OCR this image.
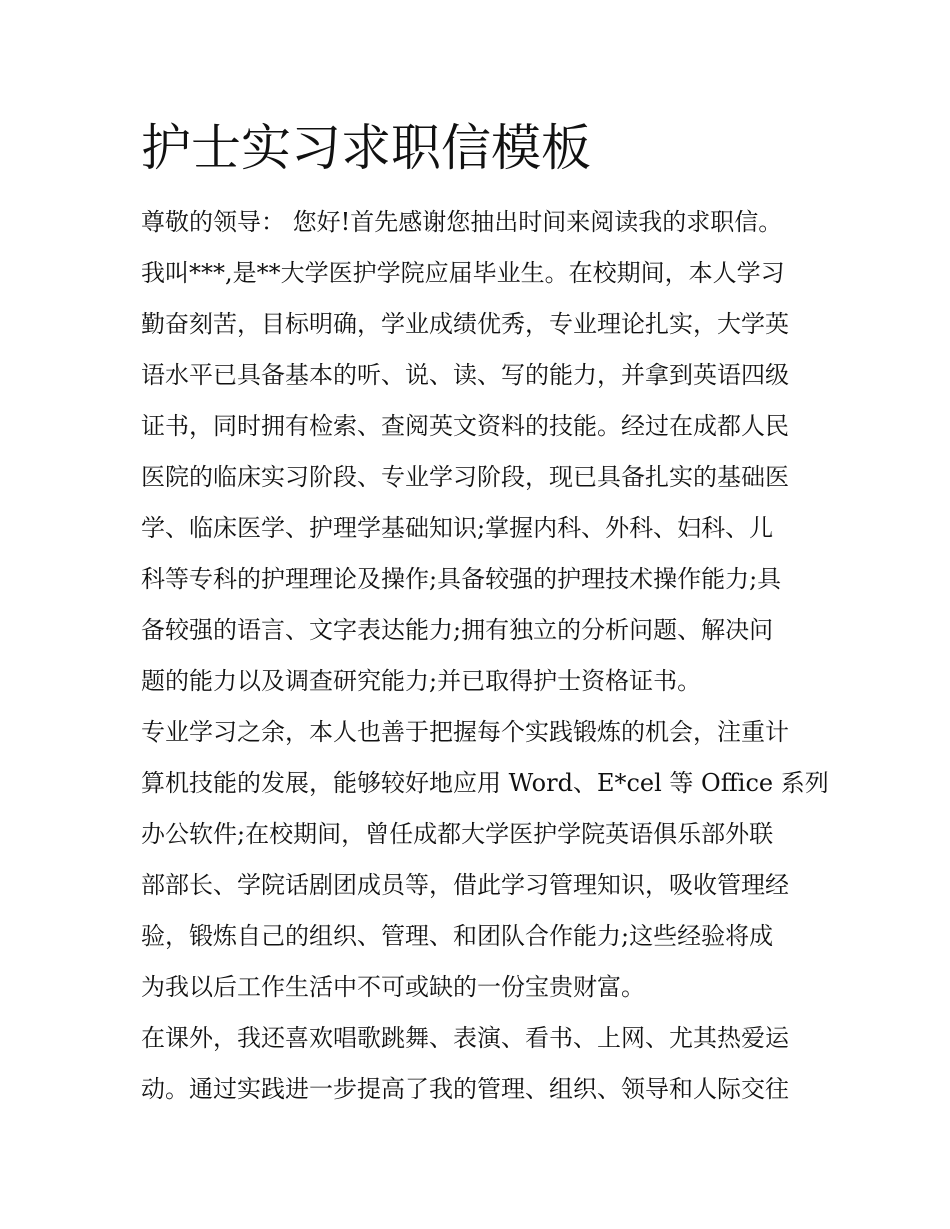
护士实习求职信模板
尊敬的领导： 您好!首先感谢您抽出时间来阅读我的求职信。
我叫***,是**大学医护学院应届毕业生。在校期间，本人学习
勤奋刻苦，目标明确，学业成绩优秀，专业理论扎实，大学英
语水平已具备基本的听、说、读、写的能力，并拿到英语四级
证书，同时拥有检索、查阅英文资料的技能。经过在成都人民
医院的临床实习阶段、专业学习阶段，现已具备扎实的基础医
学、临床医学、护理学基础知识;掌握内科、外科、妇科、儿
科等专科的护理理论及操作;具备较强的护理技术操作能力;具
备较强的语言、文字表达能力;拥有独立的分析问题、解决问
题的能力以及调查研究能力;并已取得护士资格证书。
专业学习之余，本人也善于把握每个实践锻炼的机会，注重计
算机技能的发展，能够较好地应用 Word、E*cel 等 Office 系列
办公软件;在校期间，曾任成都大学医护学院英语俱乐部外联
部部长、学院话剧团成员等，借此学习管理知识，吸收管理经
验，锻炼自己的组织、管理、和团队合作能力;这些经验将成
为我以后工作生活中不可或缺的一份宝贵财富。
在课外，我还喜欢唱歌跳舞、表演、看书、上网、尤其热爱运
动。通过实践进一步提高了我的管理、组织、领导和人际交往
